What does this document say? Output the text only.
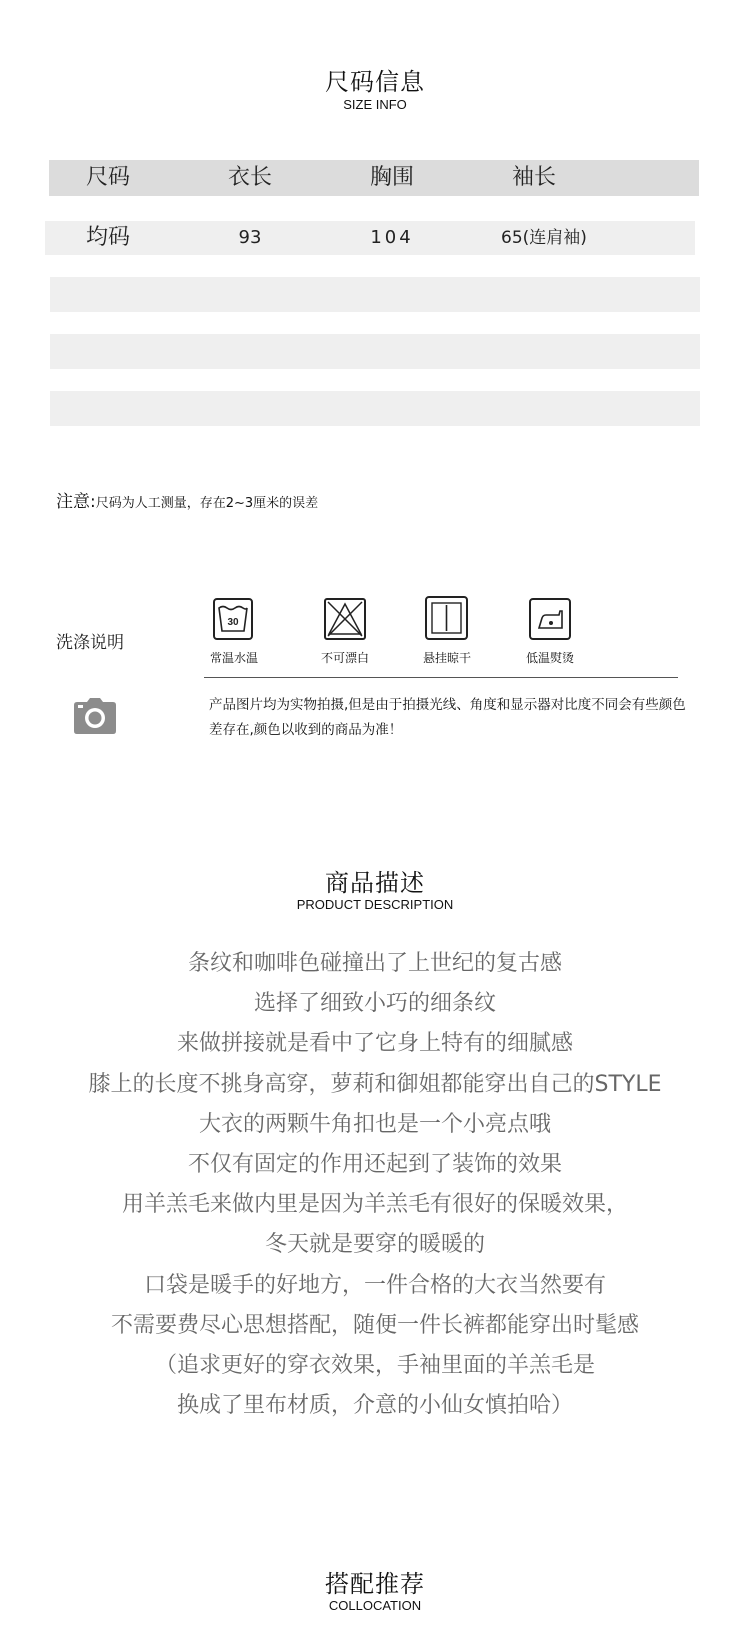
尺码信息
SIZE INFO
尺码	衣长	胸围	袖长
均码	93	104	65(连肩袖)
注意:尺码为人工测量，存在2~3厘米的误差
洗涤说明
30
常温水温	不可漂白	悬挂晾干	低温熨烫
产品图片均为实物拍摄,但是由于拍摄光线、角度和显示器对比度不同会有些颜色差存在,颜色以收到的商品为准！
商品描述
PRODUCT DESCRIPTION
条纹和咖啡色碰撞出了上世纪的复古感
选择了细致小巧的细条纹
来做拼接就是看中了它身上特有的细腻感
膝上的长度不挑身高穿，萝莉和御姐都能穿出自己的STYLE
大衣的两颗牛角扣也是一个小亮点哦
不仅有固定的作用还起到了装饰的效果
用羊羔毛来做内里是因为羊羔毛有很好的保暖效果，
冬天就是要穿的暖暖的
口袋是暖手的好地方，一件合格的大衣当然要有
不需要费尽心思想搭配，随便一件长裤都能穿出时髦感
（追求更好的穿衣效果，手袖里面的羊羔毛是
换成了里布材质，介意的小仙女慎拍哈）
搭配推荐
COLLOCATION
